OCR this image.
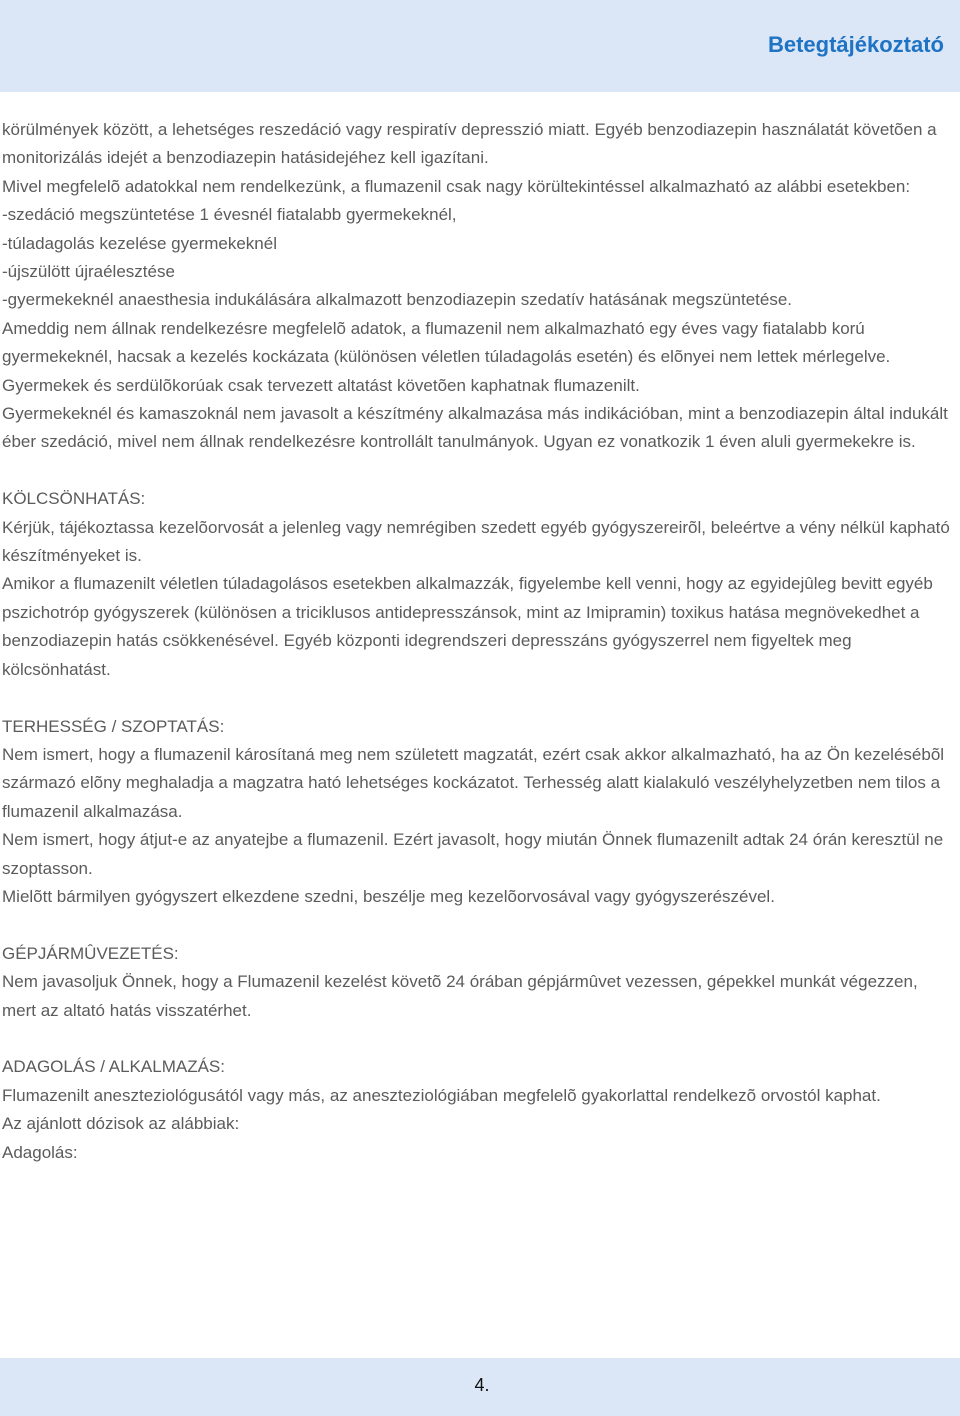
Betegtájékoztató

körülmények között, a lehetséges reszedáció vagy respiratív depresszió miatt. Egyéb benzodiazepin használatát követõen a monitorizálás idejét a benzodiazepin hatásidejéhez kell igazítani.

Mivel megfelelõ adatokkal nem rendelkezünk, a flumazenil csak nagy körültekintéssel alkalmazható az alábbi esetekben:

-szedáció megszüntetése 1 évesnél fiatalabb gyermekeknél,

-túladagolás kezelése gyermekeknél

-újszülött újraélesztése

-gyermekeknél anaesthesia indukálására alkalmazott benzodiazepin szedatív hatásának megszüntetése.

Ameddig nem állnak rendelkezésre megfelelõ adatok, a flumazenil nem alkalmazható egy éves vagy fiatalabb korú gyermekeknél, hacsak a kezelés kockázata (különösen véletlen túladagolás esetén) és elõnyei nem lettek mérlegelve.

Gyermekek és serdülõkorúak csak tervezett altatást követõen kaphatnak flumazenilt.

Gyermekeknél és kamaszoknál nem javasolt a készítmény alkalmazása más indikációban, mint a benzodiazepin által indukált éber szedáció, mivel nem állnak rendelkezésre kontrollált tanulmányok. Ugyan ez vonatkozik 1 éven aluli gyermekekre is.

KÖLCSÖNHATÁS:

Kérjük, tájékoztassa kezelõorvosát a jelenleg vagy nemrégiben szedett egyéb gyógyszereirõl, beleértve a vény nélkül kapható készítményeket is.

Amikor a flumazenilt véletlen túladagolásos esetekben alkalmazzák, figyelembe kell venni, hogy az egyidejûleg bevitt egyéb pszichotróp gyógyszerek (különösen a triciklusos antidepresszánsok, mint az Imipramin) toxikus hatása megnövekedhet a benzodiazepin hatás csökkenésével. Egyéb központi idegrendszeri depresszáns gyógyszerrel nem figyeltek meg kölcsönhatást.

TERHESSÉG / SZOPTATÁS:

Nem ismert, hogy a flumazenil károsítaná meg nem született magzatát, ezért csak akkor alkalmazható, ha az Ön kezelésébõl származó elõny meghaladja a magzatra ható lehetséges kockázatot. Terhesség alatt kialakuló veszélyhelyzetben nem tilos a flumazenil alkalmazása.

Nem ismert, hogy átjut-e az anyatejbe a flumazenil. Ezért javasolt, hogy miután Önnek flumazenilt adtak 24 órán keresztül ne szoptasson.

Mielõtt bármilyen gyógyszert elkezdene szedni, beszélje meg kezelõorvosával vagy gyógyszerészével.

GÉPJÁRMÛVEZETÉS:

Nem javasoljuk Önnek, hogy a Flumazenil kezelést követõ 24 órában gépjármûvet vezessen, gépekkel munkát végezzen, mert az altató hatás visszatérhet.

ADAGOLÁS / ALKALMAZÁS:

Flumazenilt aneszteziológusától vagy más, az aneszteziológiában megfelelõ gyakorlattal rendelkezõ orvostól kaphat.

Az ajánlott dózisok az alábbiak:

Adagolás:

4.
